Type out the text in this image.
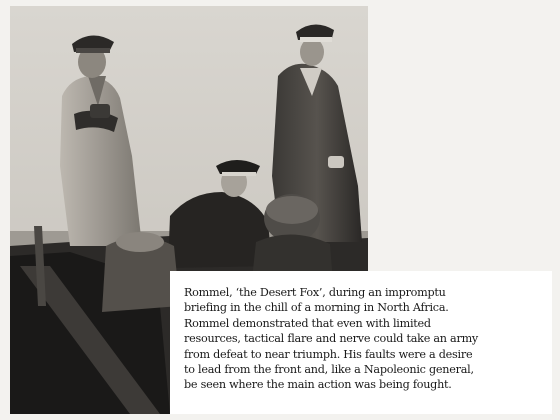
Rommel, ‘the Desert Fox’, during an impromptu
briefing in the chill of a morning in North Africa.
Rommel demonstrated that even with limited
resources, tactical flare and nerve could take an army
from defeat to near triumph. His faults were a desire
to lead from the front and, like a Napoleonic general,
be seen where the main action was being fought.
